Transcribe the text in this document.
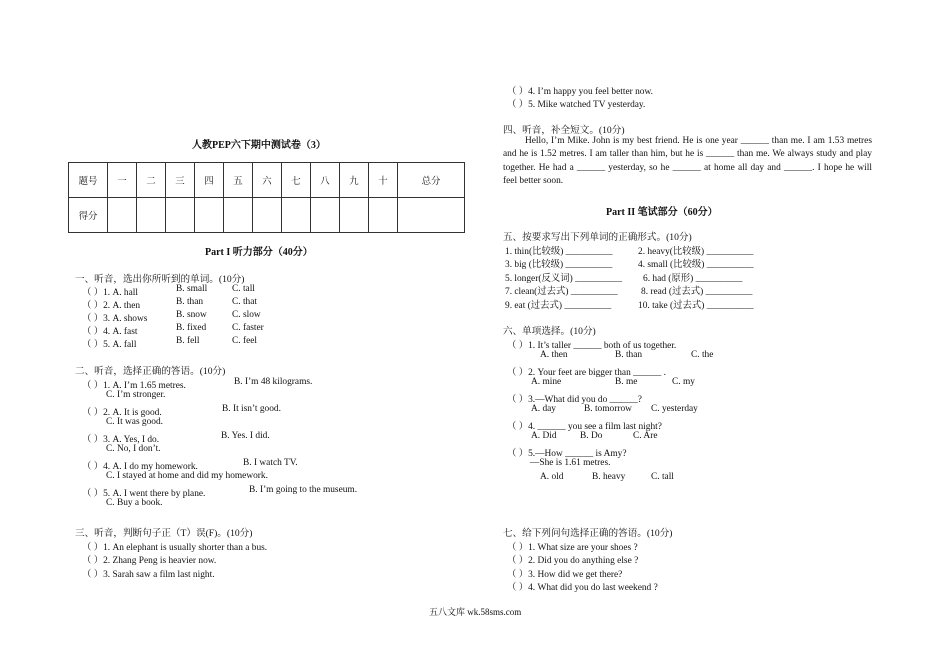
人教PEP六下期中测试卷（3）
题号	一	二	三	四	五	六	七	八	九	十	总分
得分											
Part I 听力部分（40分）
一、听音，选出你所听到的单词。(10分)
（ ）1. A. hall	B. small	C. tall
（ ）2. A. then	B. than	C. that
（ ）3. A. shows	B. snow	C. slow
（ ）4. A. fast	B. fixed	C. faster
（ ）5. A. fall	B. fell	C. feel
二、听音，选择正确的答语。(10分)
（ ）1. A. I’m 1.65 metres.	B. I’m 48 kilograms.
C. I’m stronger.
（ ）2. A. It is good.	B. It isn’t good.
C. It was good.
（ ）3. A. Yes, I do.	B. Yes. I did.
C. No, I don’t.
（ ）4. A. I do my homework.	B. I watch TV.
C. I stayed at home and did my homework.
（ ）5. A. I went there by plane.	B. I’m going to the museum.
C. Buy a book.
三、听音，判断句子正（T）误(F)。(10分)
（ ）1. An elephant is usually shorter than a bus.
（ ）2. Zhang Peng is heavier now.
（ ）3. Sarah saw a film last night.
（ ）4. I’m happy you feel better now.
（ ）5. Mike watched TV yesterday.
四、听音，补全短文。(10分)
Hello, I’m Mike. John is my best friend. He is one year ______ than me. I am 1.53 metres and he is 1.52 metres. I am taller than him, but he is ______ than me. We always study and play together. He had a ______ yesterday, so he ______ at home all day and ______. I hope he will feel better soon.
Part II 笔试部分（60分）
五、按要求写出下列单词的正确形式。(10分)
1. thin(比较级) __________	2. heavy(比较级) __________
3. big (比较级) __________	4. small (比较级) __________
5. longer(反义词) __________ 6. had (原形) __________
7. clean(过去式) __________ 8. read (过去式) __________
9. eat (过去式) __________	10. take (过去式) __________
六、单项选择。(10分)
（ ）1. It’s taller ______ both of us together.
A. then	B. than	C. the
（ ）2. Your feet are bigger than ______ .
A. mine	B. me	C. my
（ ）3.—What did you do ______?
A. day	B. tomorrow C. yesterday
（ ）4. ______ you see a film last night?
A. Did B. Do	C. Are
（ ）5.—How ______ is Amy?
—She is 1.61 metres.
A. old	B. heavy	C. tall
七、给下列问句选择正确的答语。(10分)
（ ）1. What size are your shoes ?
（ ）2. Did you do anything else ?
（ ）3. How did we get there?
（ ）4. What did you do last weekend ?
五八文库 wk.58sms.com
